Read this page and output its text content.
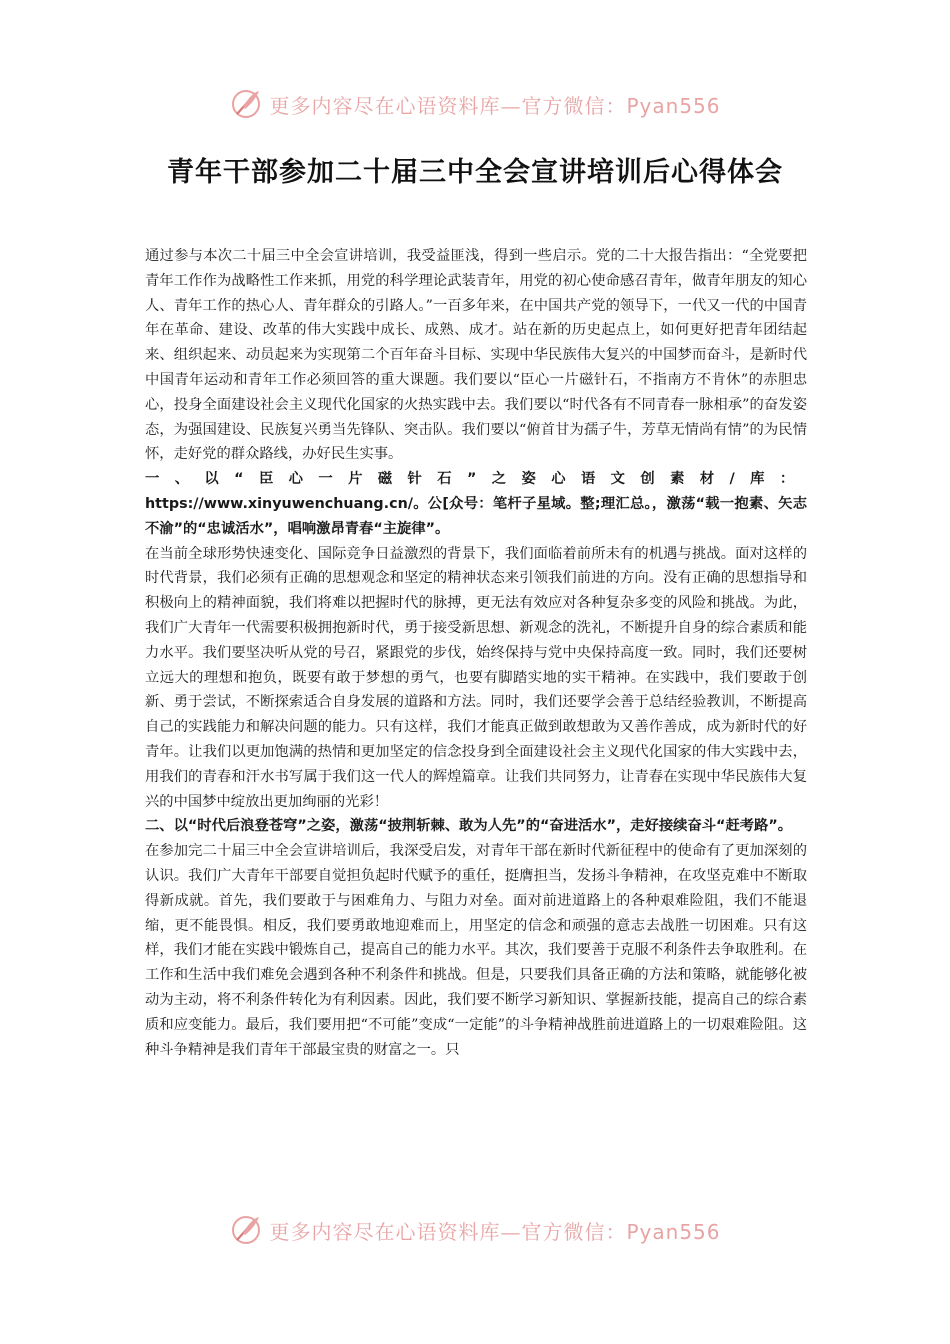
更多内容尽在心语资料库—官方微信：Pyan556
青年干部参加二十届三中全会宣讲培训后心得体会

通过参与本次二十届三中全会宣讲培训，我受益匪浅，得到一些启示。党的二十大报告指出：“全党要把青年工作作为战略性工作来抓，用党的科学理论武装青年，用党的初心使命感召青年，做青年朋友的知心人、青年工作的热心人、青年群众的引路人。”一百多年来，在中国共产党的领导下，一代又一代的中国青年在革命、建设、改革的伟大实践中成长、成熟、成才。站在新的历史起点上，如何更好把青年团结起来、组织起来、动员起来为实现第二个百年奋斗目标、实现中华民族伟大复兴的中国梦而奋斗，是新时代中国青年运动和青年工作必须回答的重大课题。我们要以“臣心一片磁针石，不指南方不肯休”的赤胆忠心，投身全面建设社会主义现代化国家的火热实践中去。我们要以“时代各有不同青春一脉相承”的奋发姿态，为强国建设、民族复兴勇当先锋队、突击队。我们要以“俯首甘为孺子牛，芳草无情尚有情”的为民情怀，走好党的群众路线，办好民生实事。

一、以“臣心一片磁针石”之姿心语文创素材/库：https://www.xinyuwenchuang.cn/。公[众号：笔杆子星域。整;理汇总。，激荡“载一抱素、矢志不渝”的“忠诚活水”，唱响激昂青春“主旋律”。

在当前全球形势快速变化、国际竞争日益激烈的背景下，我们面临着前所未有的机遇与挑战。面对这样的时代背景，我们必须有正确的思想观念和坚定的精神状态来引领我们前进的方向。没有正确的思想指导和积极向上的精神面貌，我们将难以把握时代的脉搏，更无法有效应对各种复杂多变的风险和挑战。为此，我们广大青年一代需要积极拥抱新时代，勇于接受新思想、新观念的洗礼，不断提升自身的综合素质和能力水平。我们要坚决听从党的号召，紧跟党的步伐，始终保持与党中央保持高度一致。同时，我们还要树立远大的理想和抱负，既要有敢于梦想的勇气，也要有脚踏实地的实干精神。在实践中，我们要敢于创新、勇于尝试，不断探索适合自身发展的道路和方法。同时，我们还要学会善于总结经验教训，不断提高自己的实践能力和解决问题的能力。只有这样，我们才能真正做到敢想敢为又善作善成，成为新时代的好青年。让我们以更加饱满的热情和更加坚定的信念投身到全面建设社会主义现代化国家的伟大实践中去，用我们的青春和汗水书写属于我们这一代人的辉煌篇章。让我们共同努力，让青春在实现中华民族伟大复兴的中国梦中绽放出更加绚丽的光彩！

二、以“时代后浪登苍穹”之姿，激荡“披荆斩棘、敢为人先”的“奋进活水”，走好接续奋斗“赶考路”。

在参加完二十届三中全会宣讲培训后，我深受启发，对青年干部在新时代新征程中的使命有了更加深刻的认识。我们广大青年干部要自觉担负起时代赋予的重任，挺膺担当，发扬斗争精神，在攻坚克难中不断取得新成就。首先，我们要敢于与困难角力、与阻力对垒。面对前进道路上的各种艰难险阻，我们不能退缩，更不能畏惧。相反，我们要勇敢地迎难而上，用坚定的信念和顽强的意志去战胜一切困难。只有这样，我们才能在实践中锻炼自己，提高自己的能力水平。其次，我们要善于克服不利条件去争取胜利。在工作和生活中我们难免会遇到各种不利条件和挑战。但是，只要我们具备正确的方法和策略，就能够化被动为主动，将不利条件转化为有利因素。因此，我们要不断学习新知识、掌握新技能，提高自己的综合素质和应变能力。最后，我们要用把“不可能”变成“一定能”的斗争精神战胜前进道路上的一切艰难险阻。这种斗争精神是我们青年干部最宝贵的财富之一。只

更多内容尽在心语资料库—官方微信：Pyan556
